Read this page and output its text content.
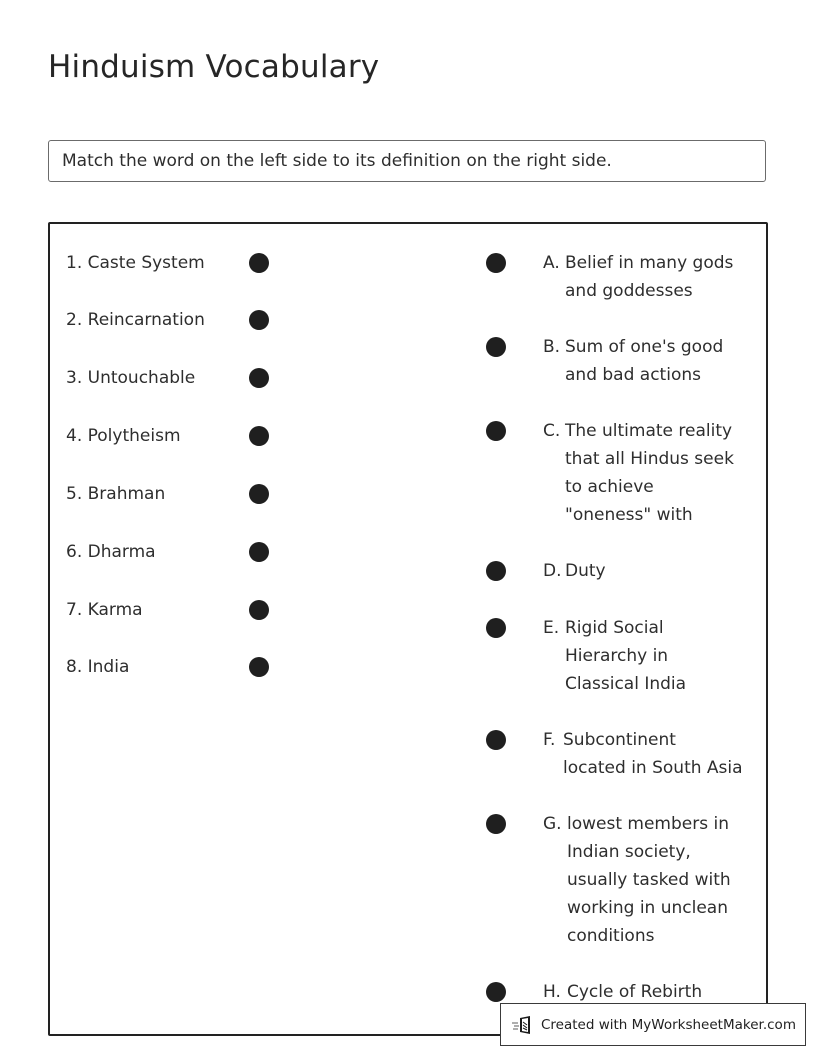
Hinduism Vocabulary
Match the word on the left side to its definition on the right side.
1.
Caste System
2.
Reincarnation
3.
Untouchable
4.
Polytheism
5.
Brahman
6.
Dharma
7.
Karma
8.
India
A. Belief in many gods
and goddesses
B. Sum of one's good
and bad actions
C. The ultimate reality
that all Hindus seek
to achieve
"oneness" with
D. Duty
E. Rigid Social
Hierarchy in
Classical India
F. Subcontinent
located in South Asia
G. lowest members in
Indian society,
usually tasked with
working in unclean
conditions
H. Cycle of Rebirth
Created with MyWorksheetMaker.com
